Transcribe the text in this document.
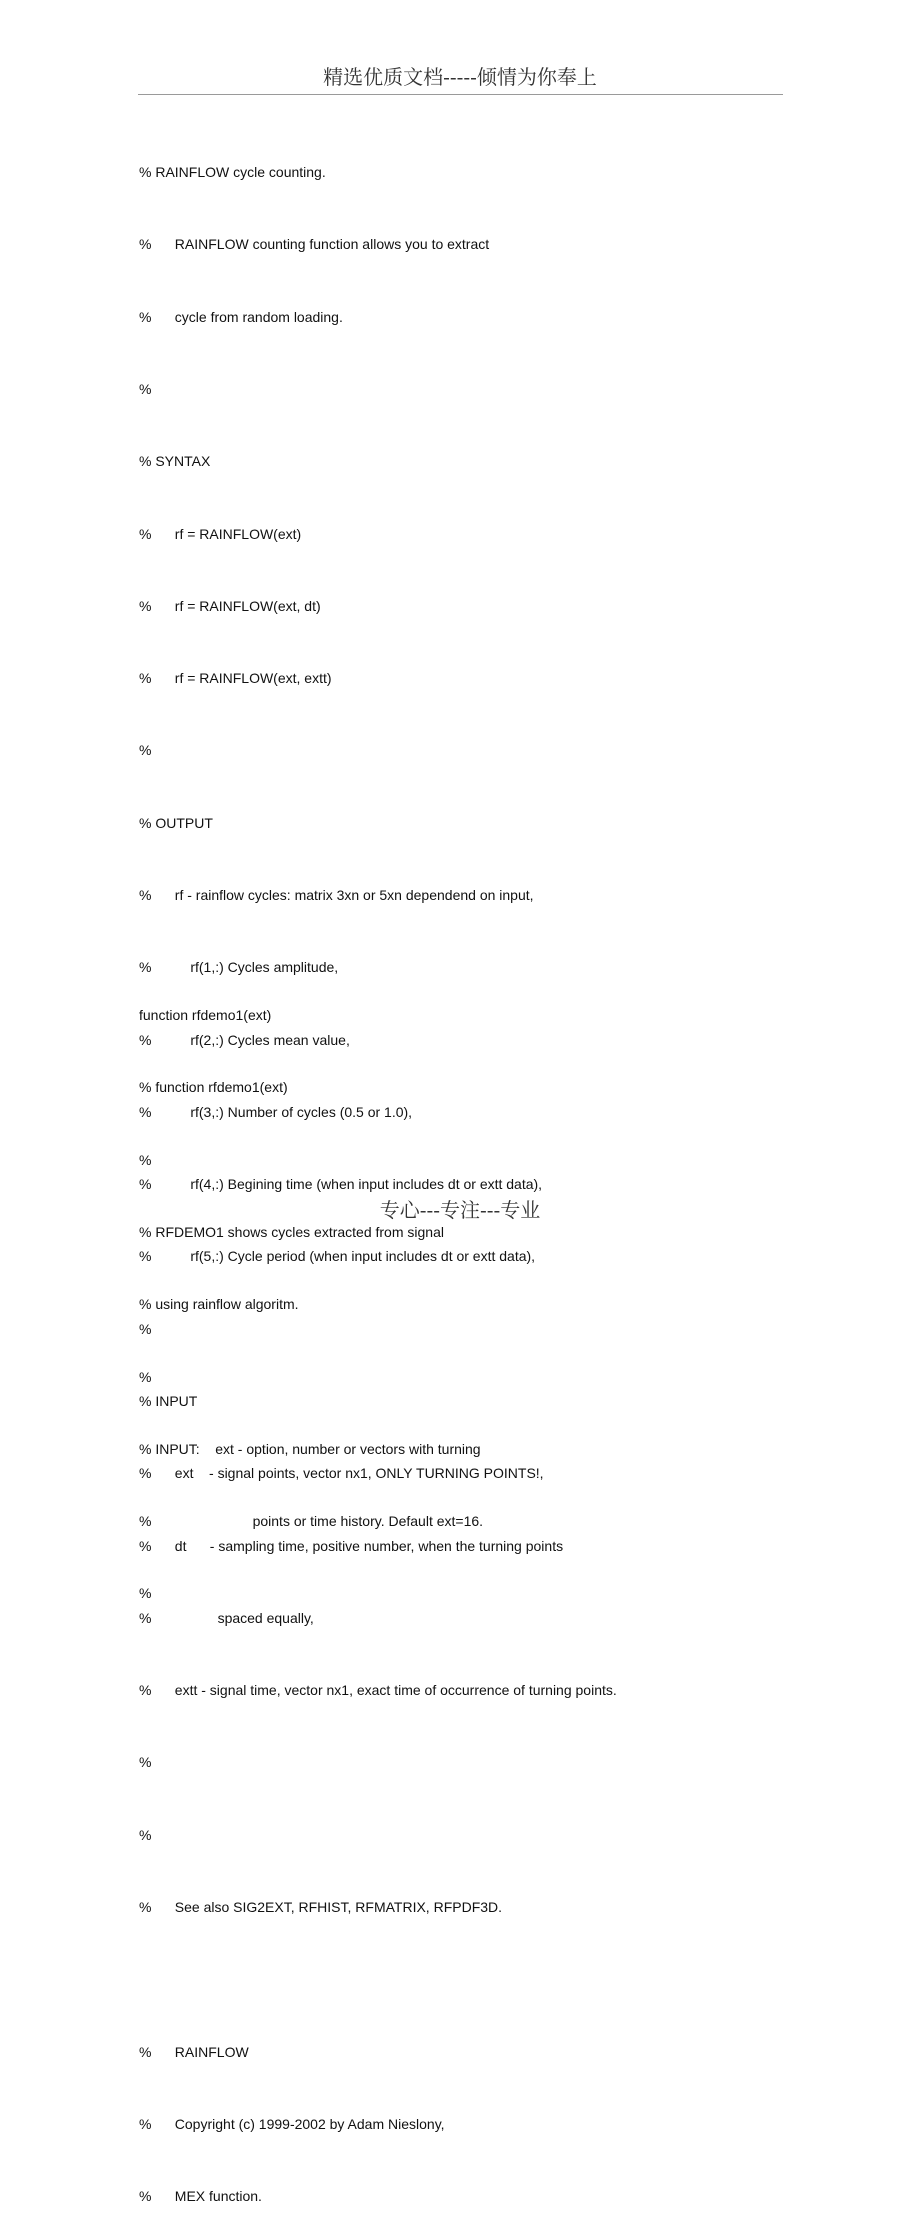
精选优质文档-----倾情为你奉上

% RAINFLOW cycle counting.

%      RAINFLOW counting function allows you to extract

%      cycle from random loading.

%

% SYNTAX

%      rf = RAINFLOW(ext)

%      rf = RAINFLOW(ext, dt)

%      rf = RAINFLOW(ext, extt)

%

% OUTPUT

%      rf - rainflow cycles: matrix 3xn or 5xn dependend on input,

%          rf(1,:) Cycles amplitude,

%          rf(2,:) Cycles mean value,

%          rf(3,:) Number of cycles (0.5 or 1.0),

%          rf(4,:) Begining time (when input includes dt or extt data),

%          rf(5,:) Cycle period (when input includes dt or extt data),

%

% INPUT

%      ext    - signal points, vector nx1, ONLY TURNING POINTS!,

%      dt      - sampling time, positive number, when the turning points

%                 spaced equally,

%      extt - signal time, vector nx1, exact time of occurrence of turning points.

%

%

%      See also SIG2EXT, RFHIST, RFMATRIX, RFPDF3D.

%      RAINFLOW

%      Copyright (c) 1999-2002 by Adam Nieslony,

%      MEX function.

function rfdemo1(ext)

% function rfdemo1(ext)

%

% RFDEMO1 shows cycles extracted from signal

% using rainflow algoritm.

%

% INPUT:    ext - option, number or vectors with turning

%                          points or time history. Default ext=16.

%

专心---专注---专业
